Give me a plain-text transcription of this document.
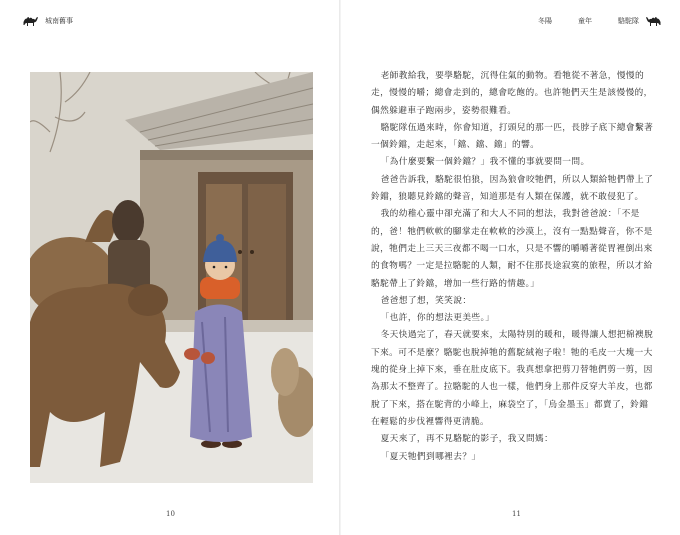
城南舊事
10
冬陽	童年	駱駝隊

老師教給我，要學駱駝，沉得住氣的動物。看牠從不著急，慢慢的走，慢慢的嚼；總會走到的，總會吃飽的。也許牠們天生是該慢慢的，偶然躲避車子跑兩步，姿勢很難看。

駱駝隊伍過來時，你會知道，打頭兒的那一匹，長脖子底下總會繫著一個鈴鐺，走起來，「鐺、鐺、鐺」的響。

「為什麼要繫一個鈴鐺？」我不懂的事就要問一問。

爸爸告訴我，駱駝很怕狼，因為狼會咬牠們，所以人類給牠們帶上了鈴鐺，狼聽見鈴鐺的聲音，知道那是有人類在保護，就不敢侵犯了。

我的幼稚心靈中卻充滿了和大人不同的想法，我對爸爸說：「不是的，爸！牠們軟軟的腳掌走在軟軟的沙漠上，沒有一點點聲音，你不是說，牠們走上三天三夜都不喝一口水，只是不響的嚼嚼著從胃裡倒出來的食物嗎？一定是拉駱駝的人類，耐不住那長途寂寞的旅程，所以才給駱駝帶上了鈴鐺，增加一些行路的情趣。」

爸爸想了想，笑笑說：

「也許，你的想法更美些。」

冬天快過完了，春天就要來，太陽特別的暖和，暖得讓人想把棉襖脫下來。可不是麼？駱駝也脫掉牠的舊駝絨袍子啦！牠的毛皮一大塊一大塊的從身上掉下來，垂在肚皮底下。我真想拿把剪刀替牠們剪一剪，因為那太不整齊了。拉駱駝的人也一樣，他們身上那件反穿大羊皮，也都脫了下來，搭在駝背的小峰上，麻袋空了，「烏金墨玉」都賣了，鈴鐺在輕鬆的步伐裡響得更清脆。

夏天來了，再不見駱駝的影子，我又問媽：

「夏天牠們到哪裡去？」

11
